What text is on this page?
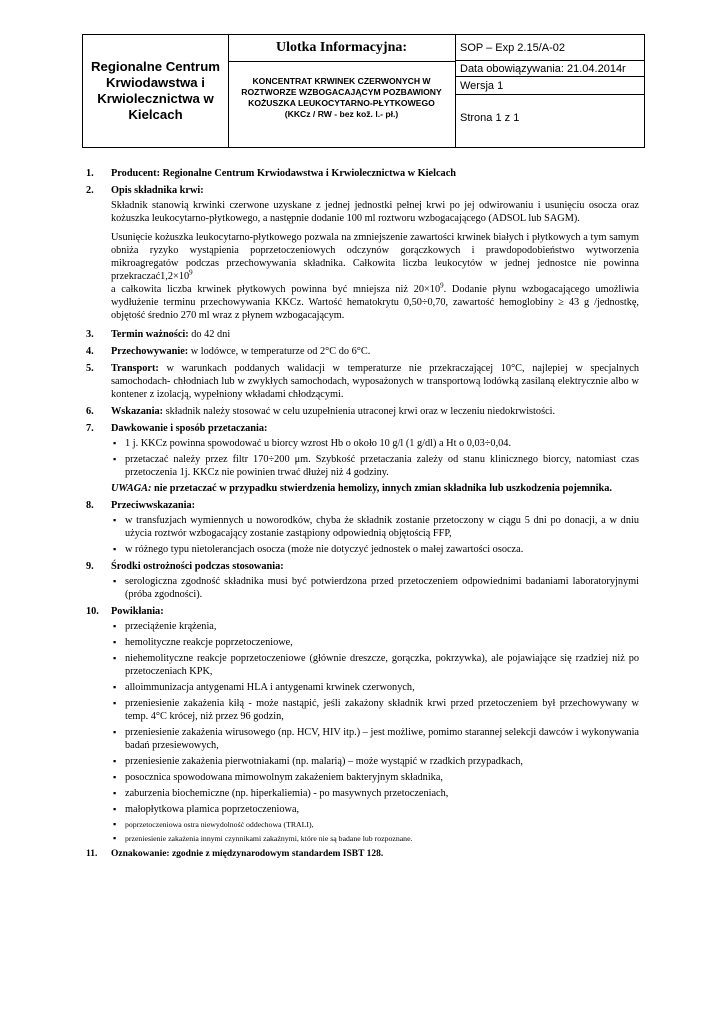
Regionalne Centrum Krwiodawstwa i Krwiolecznictwa w Kielcach
Ulotka Informacyjna:
KONCENTRAT KRWINEK CZERWONYCH W ROZTWORZE WZBOGACAJĄCYM POZBAWIONY KOŻUSZKA LEUKOCYTARNO-PŁYTKOWEGO
(KKCz / RW - bez kož. l.- pł.)
SOP – Exp 2.15/A-02
Data obowiązywania: 21.04.2014r
Wersja 1
Strona 1 z 1
1. Producent: Regionalne Centrum Krwiodawstwa i Krwiolecznictwa w Kielcach
2. Opis składnika krwi:
Składnik stanowią krwinki czerwone uzyskane z jednej jednostki pełnej krwi po jej odwirowaniu i usunięciu osocza oraz kożuszka leukocytarno-płytkowego, a następnie dodanie 100 ml roztworu wzbogacającego (ADSOL lub SAGM).
Usunięcie kożuszka leukocytarno-płytkowego pozwala na zmniejszenie zawartości krwinek białych i płytkowych a tym samym obniża ryzyko wystąpienia poprzetoczeniowych odczynów gorączkowych i prawdopodobieństwo wytworzenia mikroagregatów podczas przechowywania składnika. Całkowita liczba leukocytów w jednej jednostce nie powinna $przekraczać1,2\times 10^9$
a całkowita liczba krwinek płytkowych powinna być mniejsza niż $20\times 10^9$. Dodanie płynu wzbogacającego umożliwia wydłużenie terminu przechowywania KKCz. Wartość hematokrytu 0,50÷0,70, zawartość hemoglobiny ≥ 43 g /jednostkę, objętość średnio 270 ml wraz z płynem wzbogacającym.
3. Termin ważności: do 42 dni
4. Przechowywanie: w lodówce, w temperaturze od 2°C do 6°C.
5. Transport: w warunkach poddanych walidacji w temperaturze nie przekraczającej 10°C, najlepiej w specjalnych samochodach- chłodniach lub w zwykłych samochodach, wyposażonych w transportową lodówką zasilaną elektrycznie albo w kontener z izolacją, wypełniony wkładami chłodzącymi.
6. Wskazania: składnik należy stosować w celu uzupełnienia utraconej krwi oraz w leczeniu niedokrwistości.
7. Dawkowanie i sposób przetaczania:
▪ 1 j. KKCz powinna spowodować u biorcy wzrost Hb o około 10 g/l (1 g/dl) a Ht o 0,03÷0,04.
▪ przetaczać należy przez filtr 170÷200 μm. Szybkość przetaczania zależy od stanu klinicznego biorcy, natomiast czas przetoczenia 1j. KKCz nie powinien trwać dłużej niż 4 godziny.
UWAGA: nie przetaczać w przypadku stwierdzenia hemolizy, innych zmian składnika lub uszkodzenia pojemnika.
8. Przeciwwskazania:
▪ w transfuzjach wymiennych u noworodków, chyba że składnik zostanie przetoczony w ciągu 5 dni po donacji, a w dniu użycia roztwór wzbogacający zostanie zastąpiony odpowiednią objętością FFP,
▪ w różnego typu nietolerancjach osocza (może nie dotyczyć jednostek o małej zawartości osocza.
9. Środki ostrożności podczas stosowania:
▪ serologiczna zgodność składnika musi być potwierdzona przed przetoczeniem odpowiednimi badaniami laboratoryjnymi (próba zgodności).
10. Powikłania:
▪ przeciążenie krążenia,
▪ hemolityczne reakcje poprzetoczeniowe,
▪ niehemolityczne reakcje poprzetoczeniowe (głównie dreszcze, gorączka, pokrzywka), ale pojawiające się rzadziej niż po przetoczeniach KPK,
▪ alloimmunizacja antygenami HLA i antygenami krwinek czerwonych,
▪ przeniesienie zakażenia kiłą - może nastąpić, jeśli zakażony składnik krwi przed przetoczeniem był przechowywany w temp. 4°C krócej, niż przez 96 godzin,
▪ przeniesienie zakażenia wirusowego (np. HCV, HIV itp.) – jest możliwe, pomimo starannej selekcji dawców i wykonywania badań przesiewowych,
▪ przeniesienie zakażenia pierwotniakami (np. malarią) – może wystąpić w rzadkich przypadkach,
▪ posocznica spowodowana mimowolnym zakażeniem bakteryjnym składnika,
▪ zaburzenia biochemiczne (np. hiperkaliemia) - po masywnych przetoczeniach,
▪ małopłytkowa plamica poprzetoczeniowa,
▪ poprzetoczeniowa ostra niewydolność oddechowa (TRALI),
▪ przeniesienie zakażenia innymi czynnikami zakaźnymi, które nie są badane lub rozpoznane.
11. Oznakowanie: zgodnie z międzynarodowym standardem ISBT 128.
